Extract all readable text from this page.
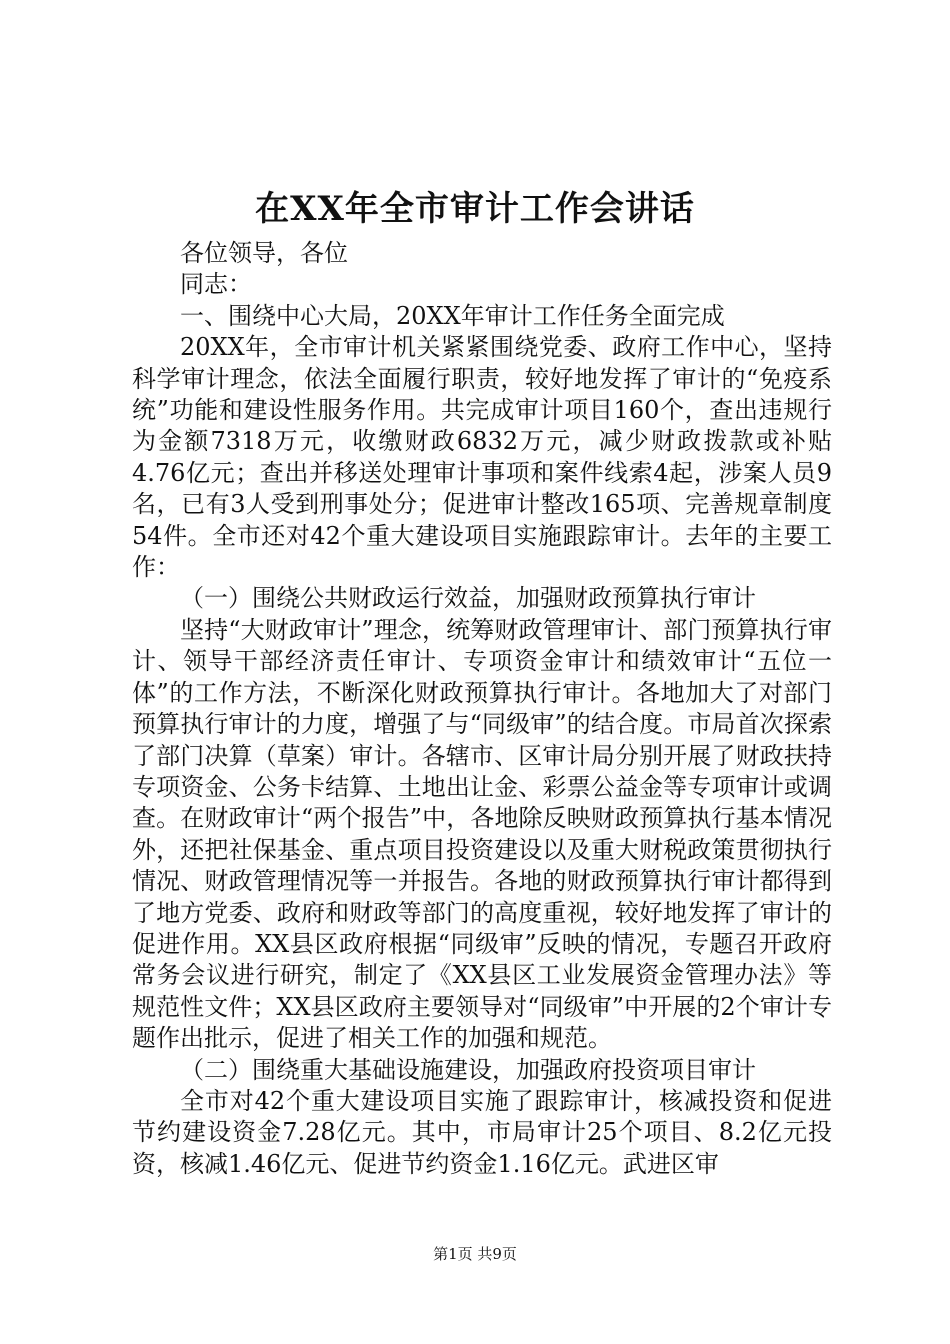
在XX年全市审计工作会讲话

各位领导，各位

同志：

一、围绕中心大局，20XX年审计工作任务全面完成

20XX年，全市审计机关紧紧围绕党委、政府工作中心，坚持科学审计理念，依法全面履行职责，较好地发挥了审计的“免疫系统”功能和建设性服务作用。共完成审计项目160个，查出违规行为金额7318万元，收缴财政6832万元，减少财政拨款或补贴4.76亿元；查出并移送处理审计事项和案件线索4起，涉案人员9名，已有3人受到刑事处分；促进审计整改165项、完善规章制度54件。全市还对42个重大建设项目实施跟踪审计。去年的主要工作：

（一）围绕公共财政运行效益，加强财政预算执行审计

坚持“大财政审计”理念，统筹财政管理审计、部门预算执行审计、领导干部经济责任审计、专项资金审计和绩效审计“五位一体”的工作方法，不断深化财政预算执行审计。各地加大了对部门预算执行审计的力度，增强了与“同级审”的结合度。市局首次探索了部门决算（草案）审计。各辖市、区审计局分别开展了财政扶持专项资金、公务卡结算、土地出让金、彩票公益金等专项审计或调查。在财政审计“两个报告”中，各地除反映财政预算执行基本情况外，还把社保基金、重点项目投资建设以及重大财税政策贯彻执行情况、财政管理情况等一并报告。各地的财政预算执行审计都得到了地方党委、政府和财政等部门的高度重视，较好地发挥了审计的促进作用。XX县区政府根据“同级审”反映的情况，专题召开政府常务会议进行研究，制定了《XX县区工业发展资金管理办法》等规范性文件；XX县区政府主要领导对“同级审”中开展的2个审计专题作出批示，促进了相关工作的加强和规范。

（二）围绕重大基础设施建设，加强政府投资项目审计

全市对42个重大建设项目实施了跟踪审计，核减投资和促进节约建设资金7.28亿元。其中，市局审计25个项目、8.2亿元投资，核减1.46亿元、促进节约资金1.16亿元。武进区审

第1页 共9页
